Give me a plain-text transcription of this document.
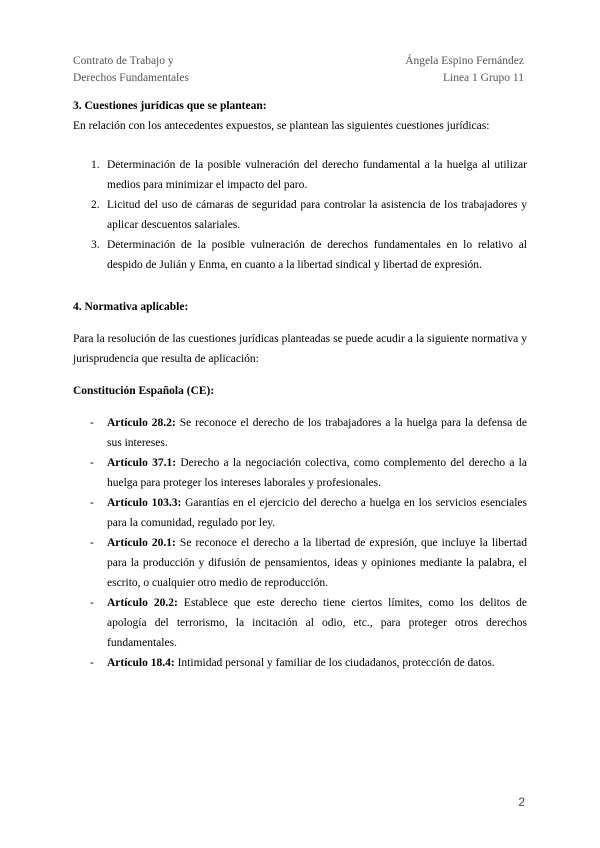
Contrato de Trabajo y
Derechos Fundamentales
Ángela Espino Fernández
Linea 1 Grupo 11

3. Cuestiones jurídicas que se plantean:

En relación con los antecedentes expuestos, se plantean las siguientes cuestiones jurídicas:

1. Determinación de la posible vulneración del derecho fundamental a la huelga al utilizar medios para minimizar el impacto del paro.
2. Licitud del uso de cámaras de seguridad para controlar la asistencia de los trabajadores y aplicar descuentos salariales.
3. Determinación de la posible vulneración de derechos fundamentales en lo relativo al despido de Julián y Enma, en cuanto a la libertad sindical y libertad de expresión.

4. Normativa aplicable:

Para la resolución de las cuestiones jurídicas planteadas se puede acudir a la siguiente normativa y jurisprudencia que resulta de aplicación:

Constitución Española (CE):

- Artículo 28.2: Se reconoce el derecho de los trabajadores a la huelga para la defensa de sus intereses.
- Artículo 37.1: Derecho a la negociación colectiva, como complemento del derecho a la huelga para proteger los intereses laborales y profesionales.
- Artículo 103.3: Garantías en el ejercicio del derecho a huelga en los servicios esenciales para la comunidad, regulado por ley.
- Artículo 20.1: Se reconoce el derecho a la libertad de expresión, que incluye la libertad para la producción y difusión de pensamientos, ideas y opiniones mediante la palabra, el escrito, o cualquier otro medio de reproducción.
- Artículo 20.2: Establece que este derecho tiene ciertos límites, como los delitos de apología del terrorismo, la incitación al odio, etc., para proteger otros derechos fundamentales.
- Artículo 18.4: Intimidad personal y familiar de los ciudadanos, protección de datos.
2
